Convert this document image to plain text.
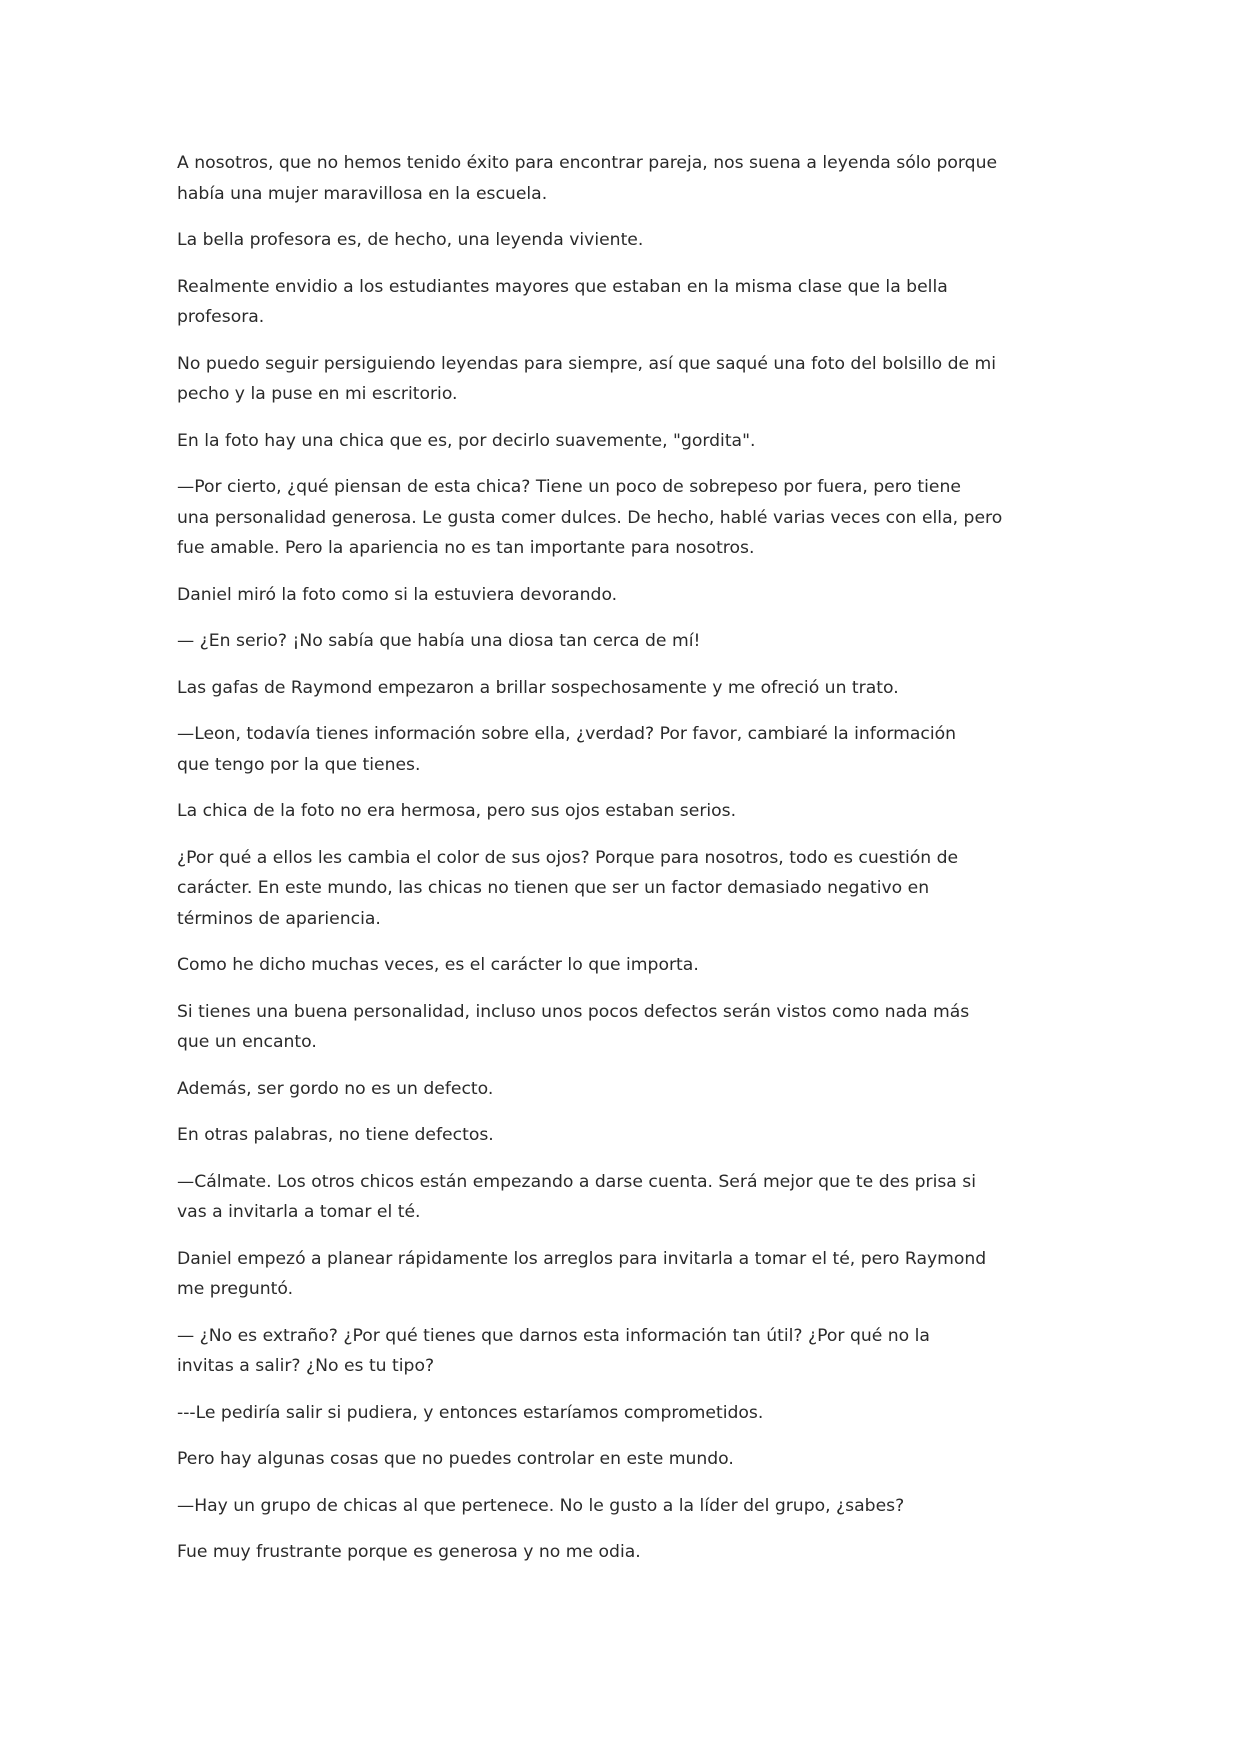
A nosotros, que no hemos tenido éxito para encontrar pareja, nos suena a leyenda sólo porque
había una mujer maravillosa en la escuela.

La bella profesora es, de hecho, una leyenda viviente.

Realmente envidio a los estudiantes mayores que estaban en la misma clase que la bella
profesora.

No puedo seguir persiguiendo leyendas para siempre, así que saqué una foto del bolsillo de mi
pecho y la puse en mi escritorio.

En la foto hay una chica que es, por decirlo suavemente, "gordita".

—Por cierto, ¿qué piensan de esta chica? Tiene un poco de sobrepeso por fuera, pero tiene
una personalidad generosa. Le gusta comer dulces. De hecho, hablé varias veces con ella, pero
fue amable. Pero la apariencia no es tan importante para nosotros.

Daniel miró la foto como si la estuviera devorando.

— ¿En serio? ¡No sabía que había una diosa tan cerca de mí!

Las gafas de Raymond empezaron a brillar sospechosamente y me ofreció un trato.

—Leon, todavía tienes información sobre ella, ¿verdad? Por favor, cambiaré la información
que tengo por la que tienes.

La chica de la foto no era hermosa, pero sus ojos estaban serios.

¿Por qué a ellos les cambia el color de sus ojos? Porque para nosotros, todo es cuestión de
carácter. En este mundo, las chicas no tienen que ser un factor demasiado negativo en
términos de apariencia.

Como he dicho muchas veces, es el carácter lo que importa.

Si tienes una buena personalidad, incluso unos pocos defectos serán vistos como nada más
que un encanto.

Además, ser gordo no es un defecto.

En otras palabras, no tiene defectos.

—Cálmate. Los otros chicos están empezando a darse cuenta. Será mejor que te des prisa si
vas a invitarla a tomar el té.

Daniel empezó a planear rápidamente los arreglos para invitarla a tomar el té, pero Raymond
me preguntó.

— ¿No es extraño? ¿Por qué tienes que darnos esta información tan útil? ¿Por qué no la
invitas a salir? ¿No es tu tipo?

---Le pediría salir si pudiera, y entonces estaríamos comprometidos.

Pero hay algunas cosas que no puedes controlar en este mundo.

—Hay un grupo de chicas al que pertenece. No le gusto a la líder del grupo, ¿sabes?

Fue muy frustrante porque es generosa y no me odia.
